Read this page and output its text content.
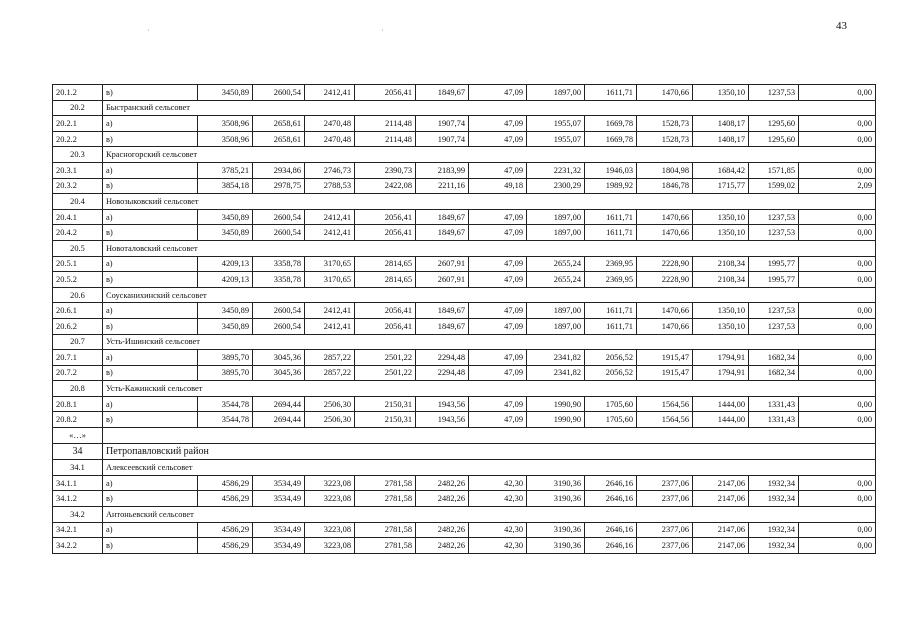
43
·	·
20.1.2	в)	3450,89	2600,54	2412,41	2056,41	1849,67	47,09	1897,00	1611,71	1470,66	1350,10	1237,53	0,00
20.2	Быстранский сельсовет												
20.2.1	а)	3508,96	2658,61	2470,48	2114,48	1907,74	47,09	1955,07	1669,78	1528,73	1408,17	1295,60	0,00
20.2.2	в)	3508,96	2658,61	2470,48	2114,48	1907,74	47,09	1955,07	1669,78	1528,73	1408,17	1295,60	0,00
20.3	Красногорский сельсовет												
20.3.1	а)	3785,21	2934,86	2746,73	2390,73	2183,99	47,09	2231,32	1946,03	1804,98	1684,42	1571,85	0,00
20.3.2	в)	3854,18	2978,75	2788,53	2422,08	2211,16	49,18	2300,29	1989,92	1846,78	1715,77	1599,02	2,09
20.4	Новозыковский сельсовет												
20.4.1	а)	3450,89	2600,54	2412,41	2056,41	1849,67	47,09	1897,00	1611,71	1470,66	1350,10	1237,53	0,00
20.4.2	в)	3450,89	2600,54	2412,41	2056,41	1849,67	47,09	1897,00	1611,71	1470,66	1350,10	1237,53	0,00
20.5	Новоталовский сельсовет												
20.5.1	а)	4209,13	3358,78	3170,65	2814,65	2607,91	47,09	2655,24	2369,95	2228,90	2108,34	1995,77	0,00
20.5.2	в)	4209,13	3358,78	3170,65	2814,65	2607,91	47,09	2655,24	2369,95	2228,90	2108,34	1995,77	0,00
20.6	Соусканихинский сельсовет												
20.6.1	а)	3450,89	2600,54	2412,41	2056,41	1849,67	47,09	1897,00	1611,71	1470,66	1350,10	1237,53	0,00
20.6.2	в)	3450,89	2600,54	2412,41	2056,41	1849,67	47,09	1897,00	1611,71	1470,66	1350,10	1237,53	0,00
20.7	Усть-Ишинский сельсовет												
20.7.1	а)	3895,70	3045,36	2857,22	2501,22	2294,48	47,09	2341,82	2056,52	1915,47	1794,91	1682,34	0,00
20.7.2	в)	3895,70	3045,36	2857,22	2501,22	2294,48	47,09	2341,82	2056,52	1915,47	1794,91	1682,34	0,00
20.8	Усть-Кажинский сельсовет												
20.8.1	а)	3544,78	2694,44	2506,30	2150,31	1943,56	47,09	1990,90	1705,60	1564,56	1444,00	1331,43	0,00
20.8.2	в)	3544,78	2694,44	2506,30	2150,31	1943,56	47,09	1990,90	1705,60	1564,56	1444,00	1331,43	0,00
«…»													
34	Петропавловский район												
34.1	Алексеевский сельсовет												
34.1.1	а)	4586,29	3534,49	3223,08	2781,58	2482,26	42,30	3190,36	2646,16	2377,06	2147,06	1932,34	0,00
34.1.2	в)	4586,29	3534,49	3223,08	2781,58	2482,26	42,30	3190,36	2646,16	2377,06	2147,06	1932,34	0,00
34.2	Антоньевский сельсовет												
34.2.1	а)	4586,29	3534,49	3223,08	2781,58	2482,26	42,30	3190,36	2646,16	2377,06	2147,06	1932,34	0,00
34.2.2	в)	4586,29	3534,49	3223,08	2781,58	2482,26	42,30	3190,36	2646,16	2377,06	2147,06	1932,34	0,00
